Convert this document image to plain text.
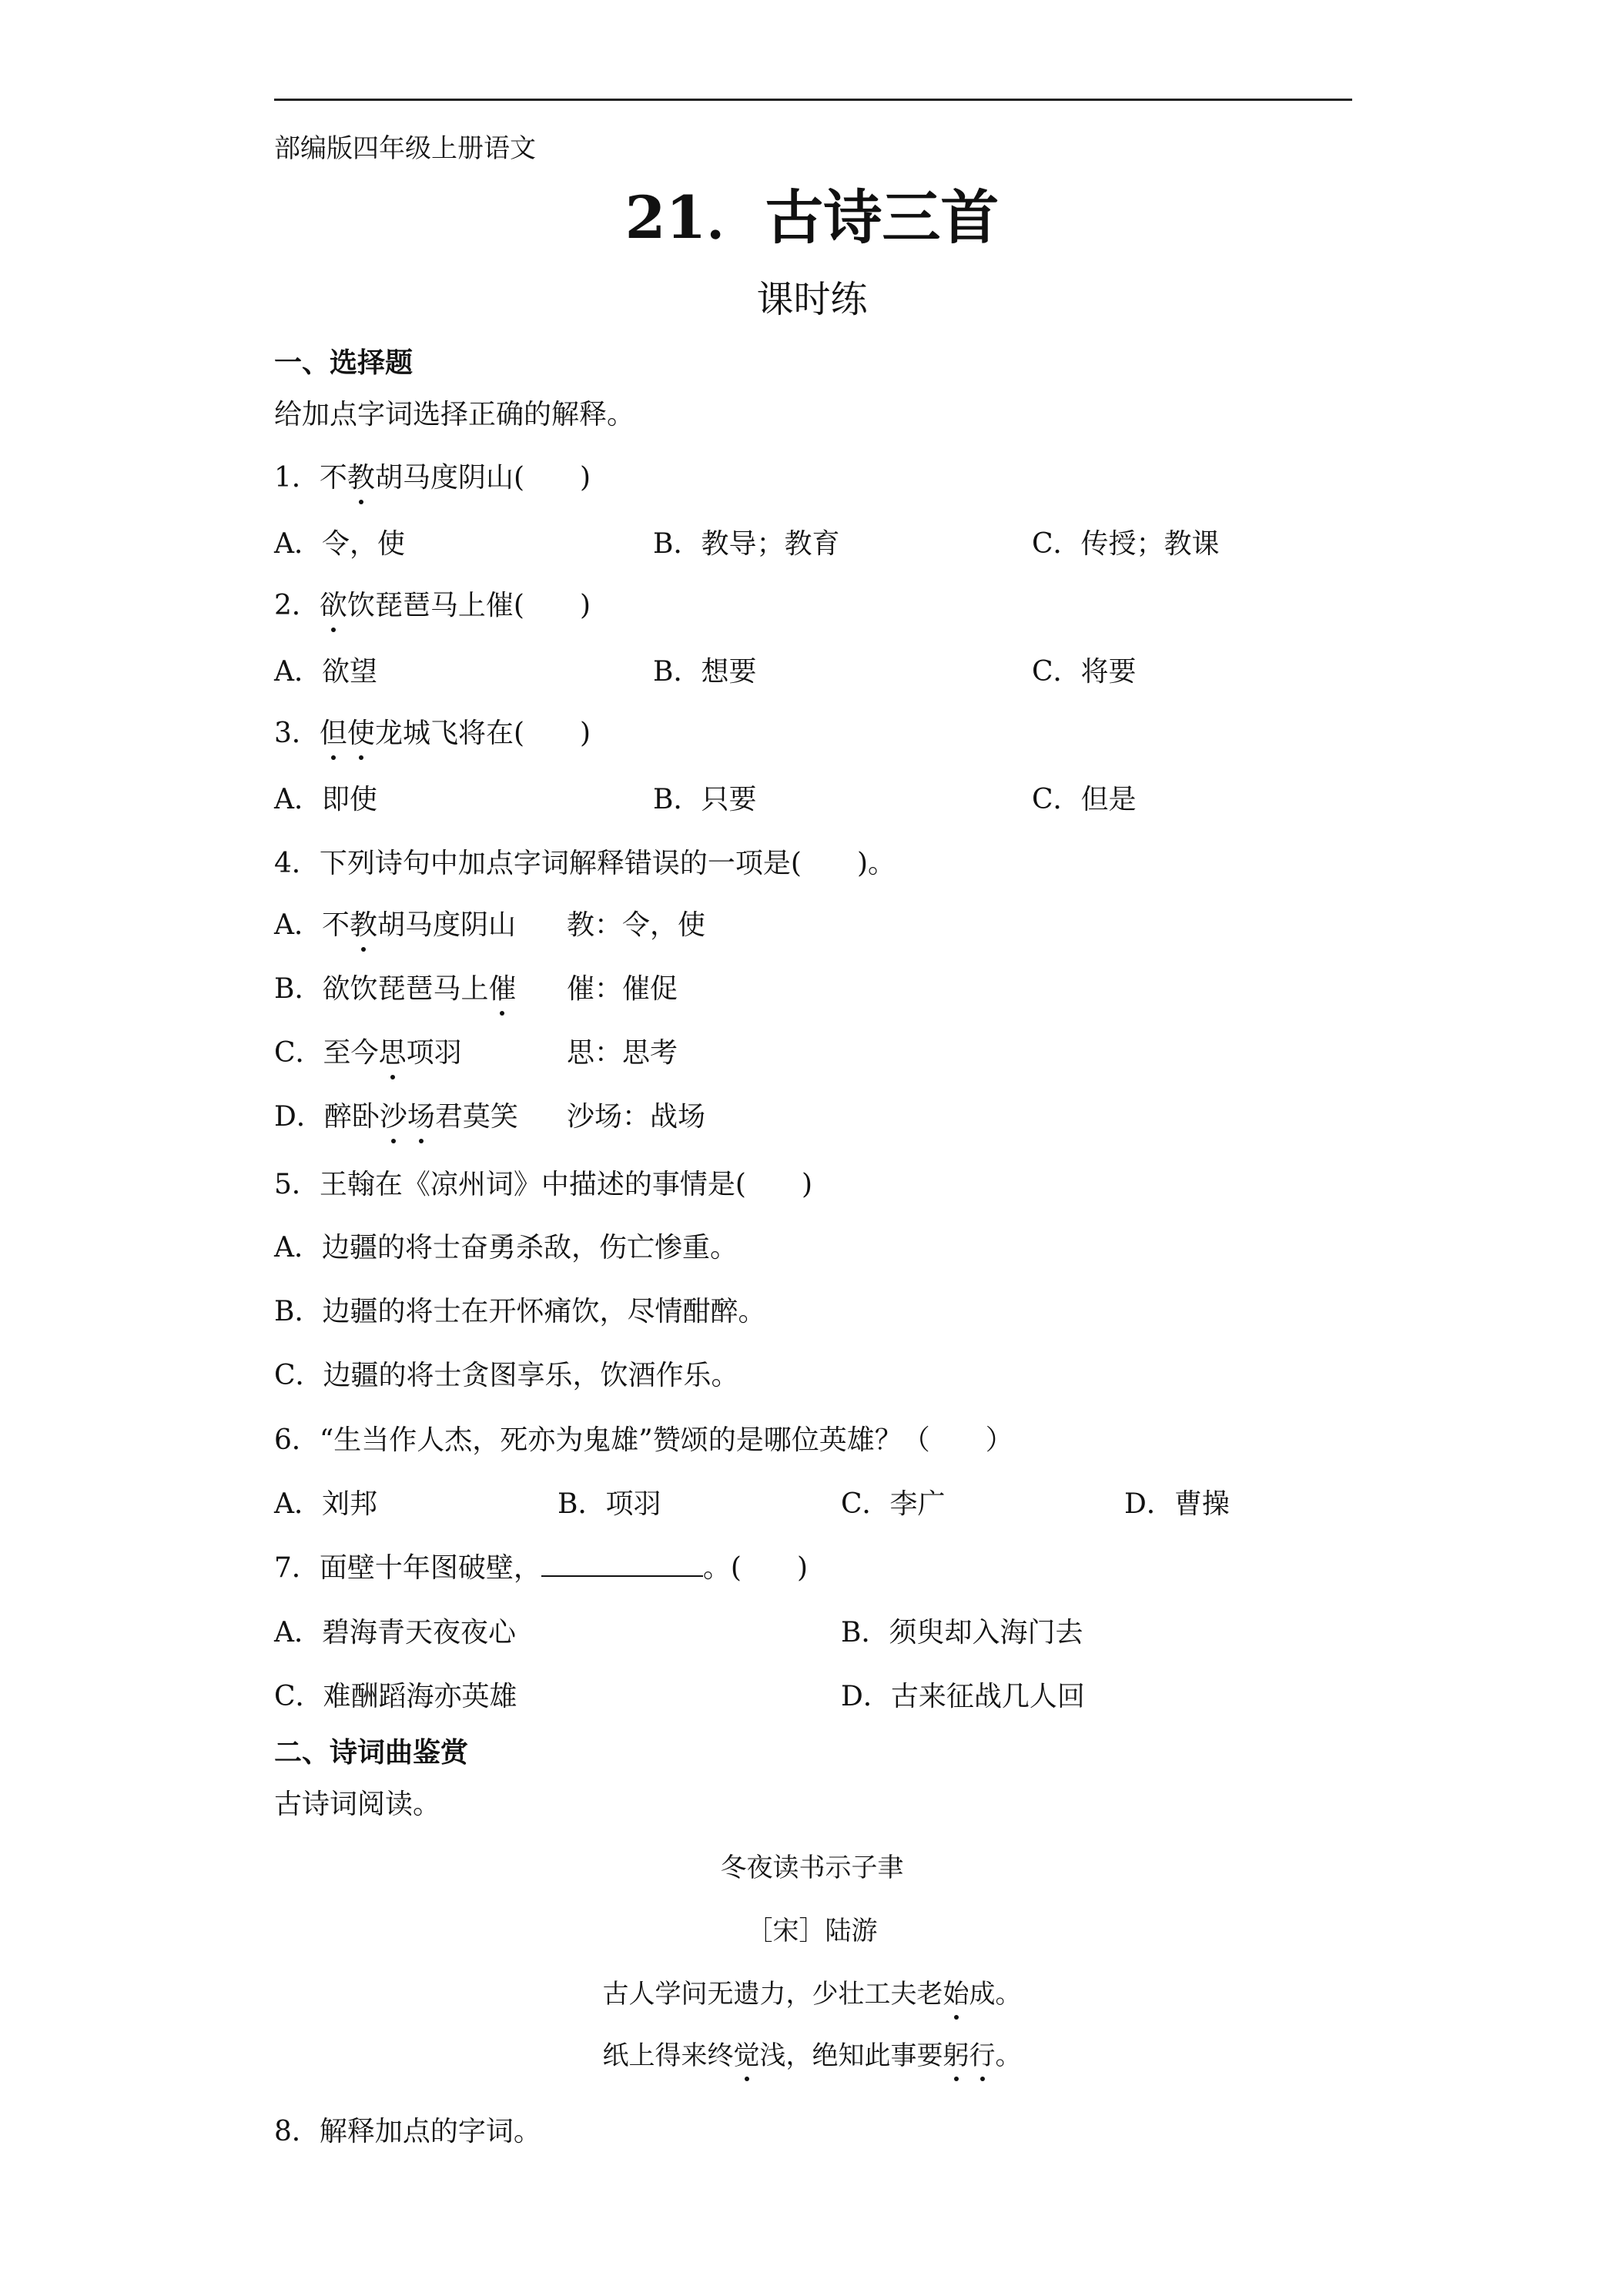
部编版四年级上册语文
21．古诗三首
课时练
一、选择题
给加点字词选择正确的解释。
1．不教胡马度阴山(　　)
A．令，使	B．教导；教育	C．传授；教课
2．欲饮琵琶马上催(　　)
A．欲望	B．想要	C．将要
3．但使龙城飞将在(　　)
A．即使	B．只要	C．但是
4．下列诗句中加点字词解释错误的一项是(　　)。
A．不教胡马度阴山 教：令，使
B．欲饮琵琶马上催 催：催促
C．至今思项羽	思：思考
D．醉卧沙场君莫笑 沙场：战场
5．王翰在《凉州词》中描述的事情是(　　)
A．边疆的将士奋勇杀敌，伤亡惨重。
B．边疆的将士在开怀痛饮，尽情酣醉。
C．边疆的将士贪图享乐，饮酒作乐。
6．“生当作人杰，死亦为鬼雄”赞颂的是哪位英雄？（　　）
A．刘邦	B．项羽	C．李广	D．曹操
7．面壁十年图破壁，	。(　　)
A．碧海青天夜夜心	B．须臾却入海门去
C．难酬蹈海亦英雄	D．古来征战几人回
二、诗词曲鉴赏
古诗词阅读。
冬夜读书示子聿
［宋］陆游
古人学问无遗力，少壮工夫老始成。
纸上得来终觉浅，绝知此事要躬行。
8．解释加点的字词。
